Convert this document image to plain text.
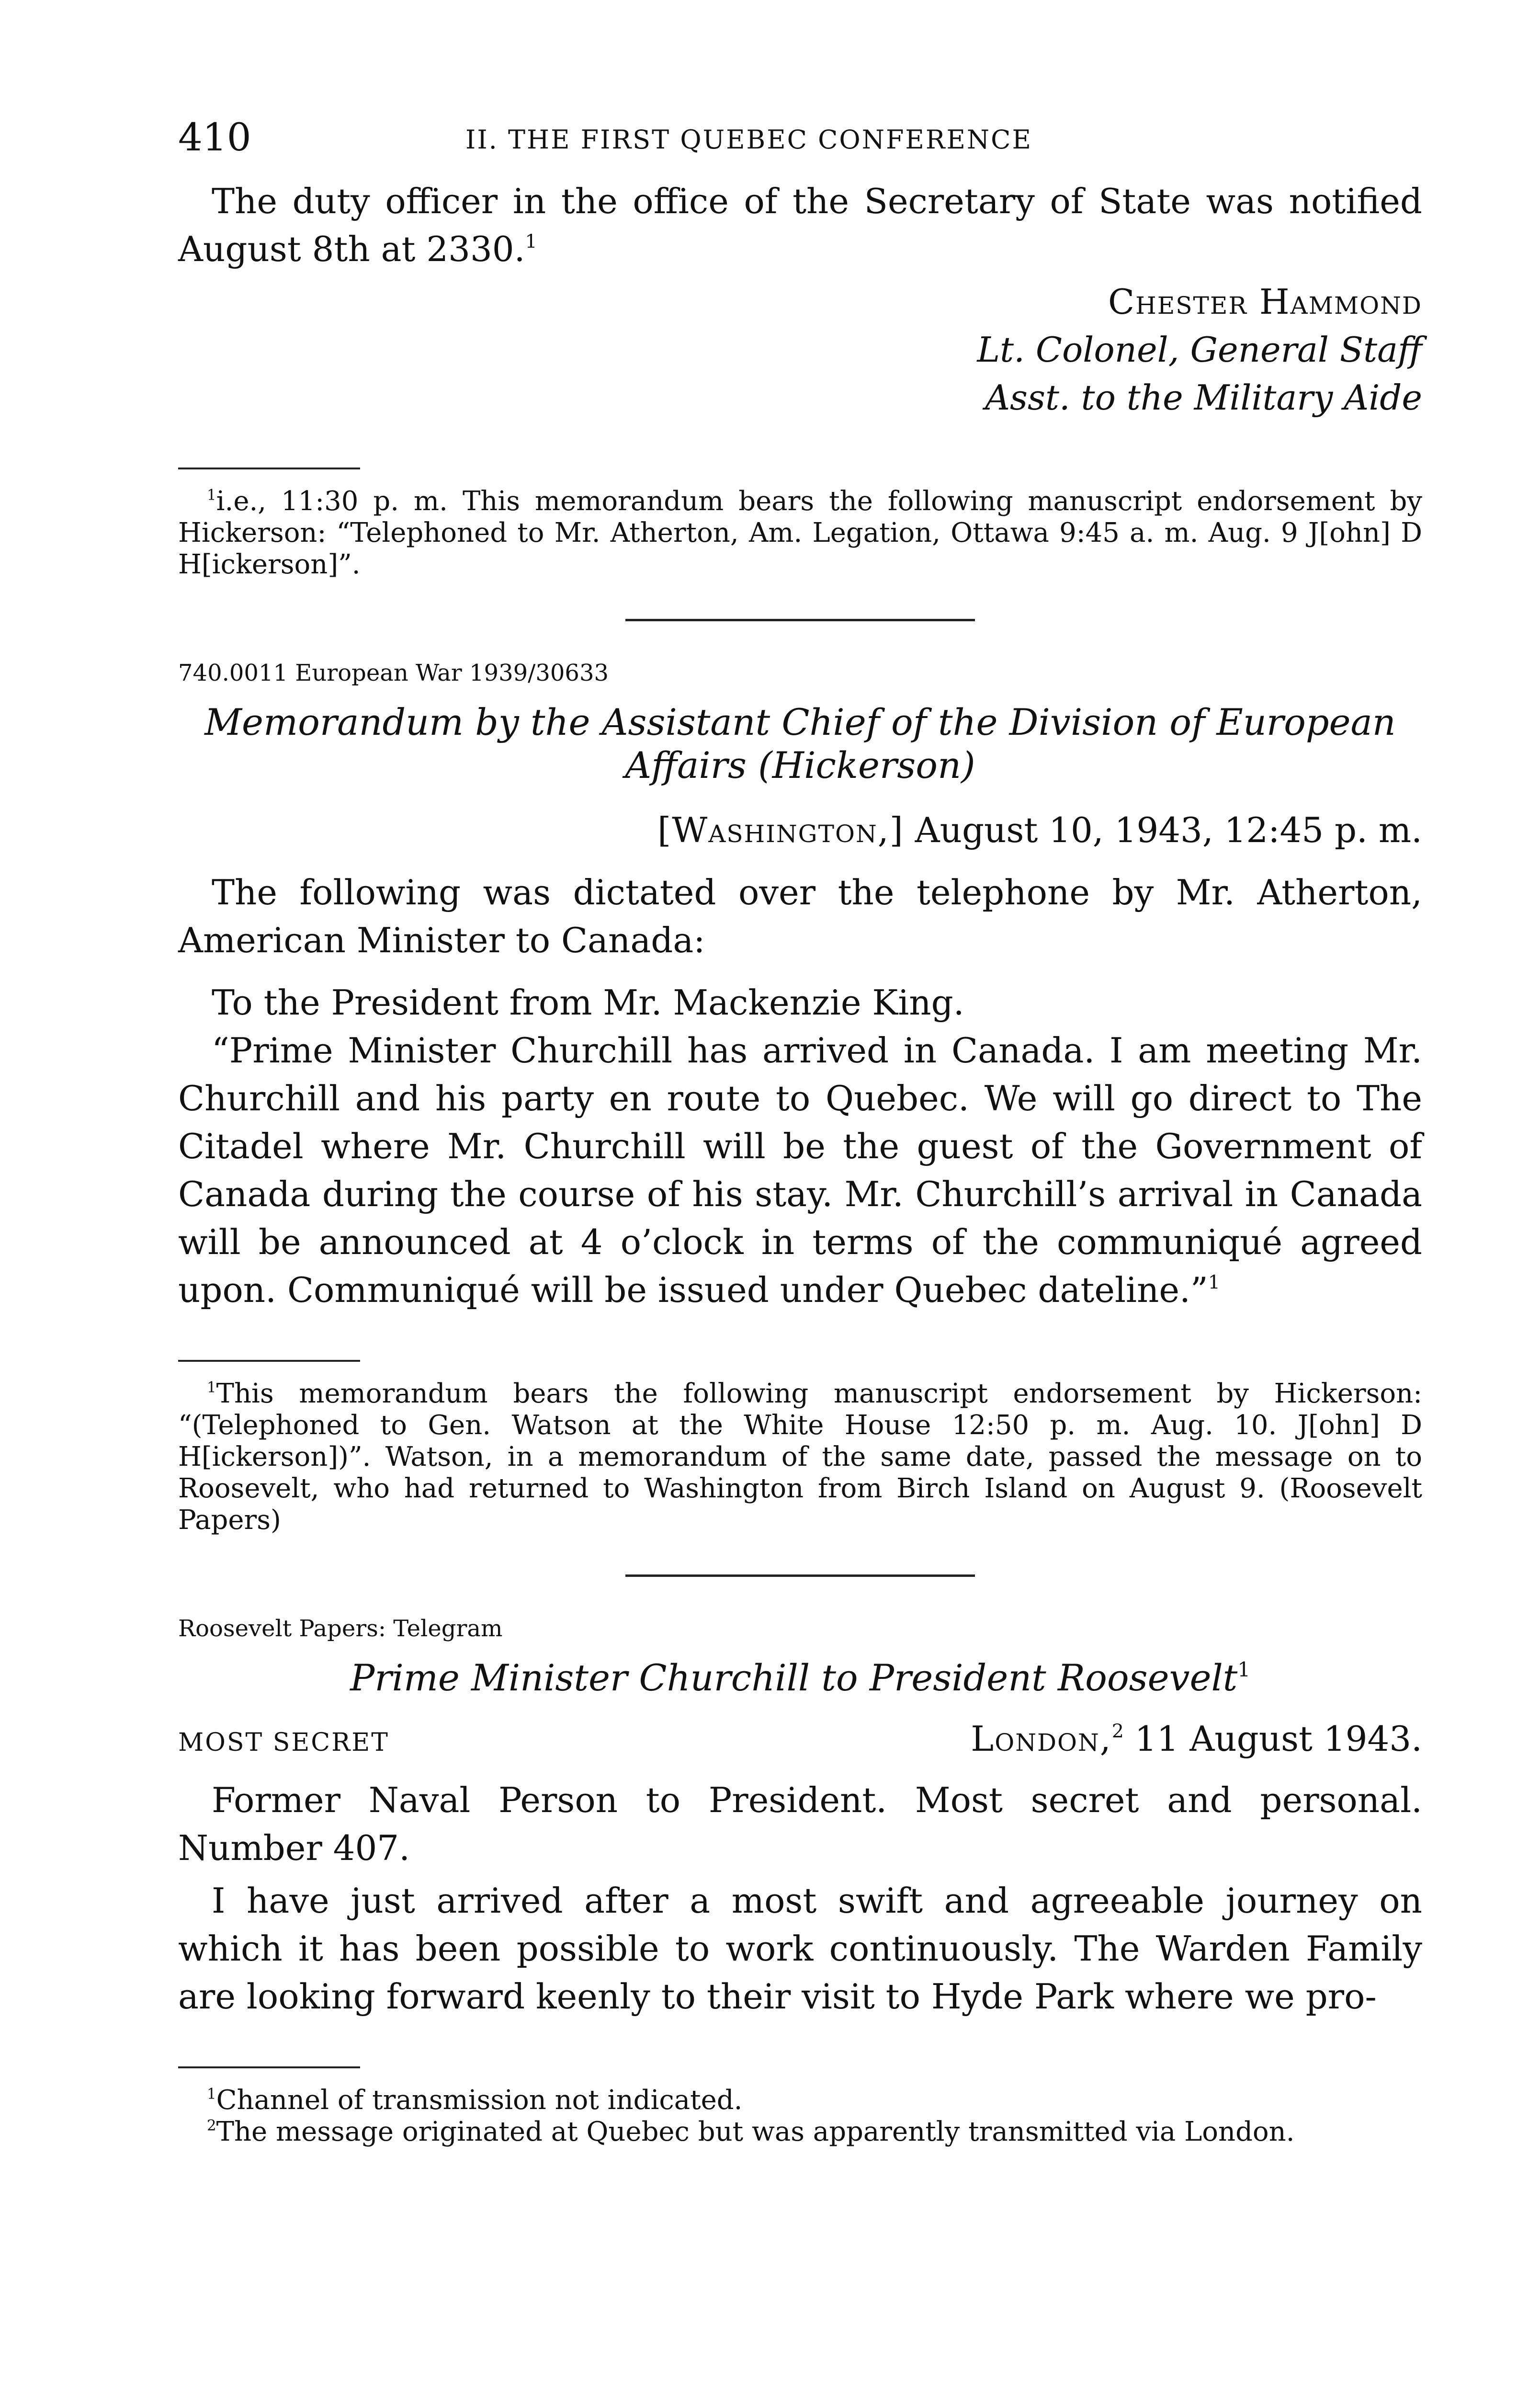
410	II. THE FIRST QUEBEC CONFERENCE

The duty officer in the office of the Secretary of State was notified August 8th at 2330.$^1$

Chester Hammond

Lt. Colonel, General Staff

Asst. to the Military Aide

$^1$i.e., 11:30 p. m. This memorandum bears the following manuscript endorsement by Hickerson: “Telephoned to Mr. Atherton, Am. Legation, Ottawa 9:45 a. m. Aug. 9 J[ohn] D H[ickerson]”.

740.0011 European War 1939/30633

Memorandum by the Assistant Chief of the Division of European
Affairs (Hickerson)

[Washington,] August 10, 1943, 12:45 p. m.

The following was dictated over the telephone by Mr. Atherton, American Minister to Canada:

To the President from Mr. Mackenzie King.

“Prime Minister Churchill has arrived in Canada. I am meeting Mr. Churchill and his party en route to Quebec. We will go direct to The Citadel where Mr. Churchill will be the guest of the Government of Canada during the course of his stay. Mr. Churchill’s arrival in Canada will be announced at 4 o’clock in terms of the communiqué agreed upon. Communiqué will be issued under Quebec dateline.”$^1$

$^1$This memorandum bears the following manuscript endorsement by Hickerson: “(Telephoned to Gen. Watson at the White House 12:50 p. m. Aug. 10. J[ohn] D H[ickerson])”. Watson, in a memorandum of the same date, passed the message on to Roosevelt, who had returned to Washington from Birch Island on August 9. (Roosevelt Papers)

Roosevelt Papers: Telegram

Prime Minister Churchill to President Roosevelt$^1$

MOST SECRET	London,$^2$ 11 August 1943.

Former Naval Person to President. Most secret and personal. Number 407.

I have just arrived after a most swift and agreeable journey on which it has been possible to work continuously. The Warden Family are looking forward keenly to their visit to Hyde Park where we pro-

$^1$Channel of transmission not indicated.

$^2$The message originated at Quebec but was apparently transmitted via London.
